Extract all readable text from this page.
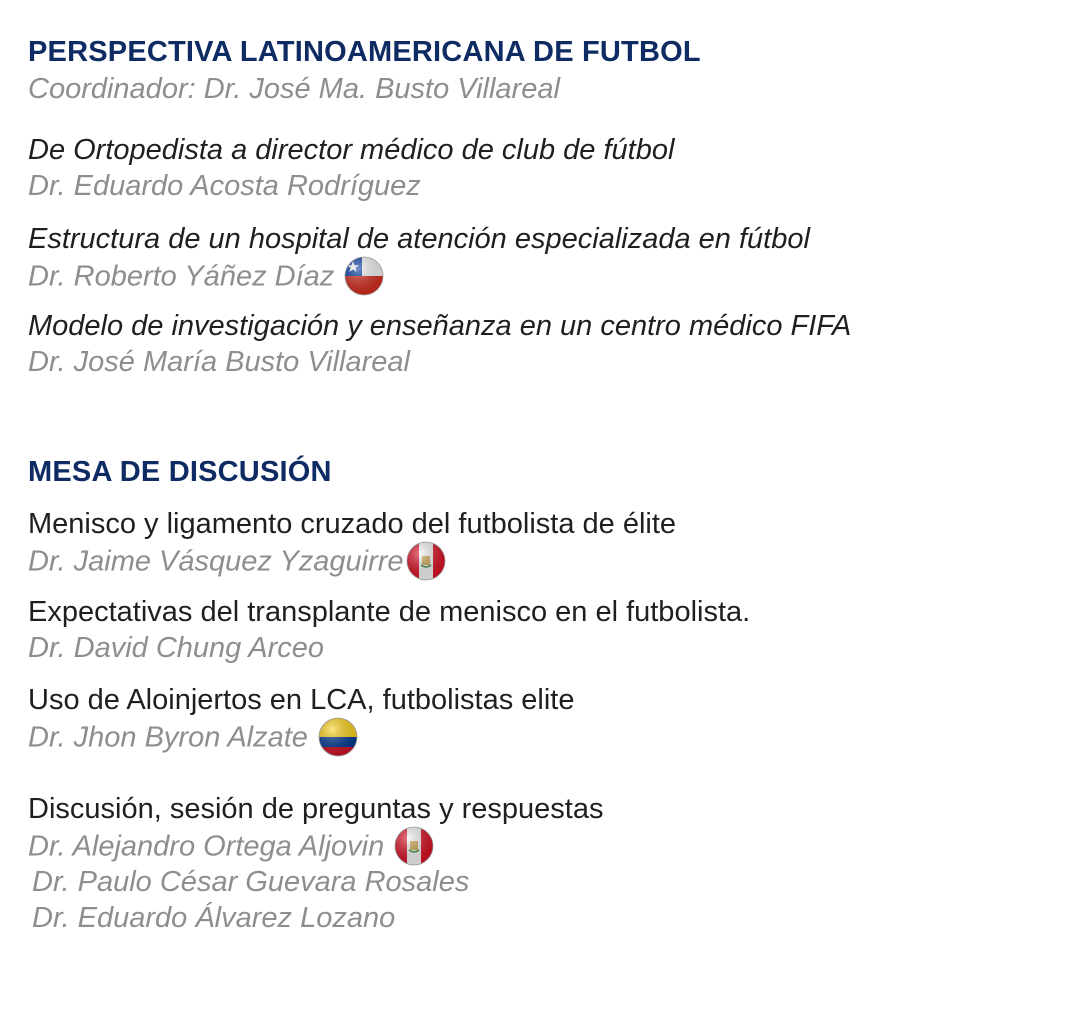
PERSPECTIVA LATINOAMERICANA DE FUTBOL
Coordinador: Dr. José Ma. Busto Villareal
De Ortopedista a director médico de club de fútbol
Dr. Eduardo Acosta Rodríguez
Estructura de un hospital de atención especializada en fútbol
Dr. Roberto Yáñez Díaz
Modelo de investigación y enseñanza en un centro médico FIFA
Dr. José María Busto Villareal
MESA DE DISCUSIÓN
Menisco y ligamento cruzado del futbolista de élite
Dr. Jaime Vásquez Yzaguirre
Expectativas del transplante de menisco en el futbolista.
Dr. David Chung Arceo
Uso de Aloinjertos en LCA, futbolistas elite
Dr. Jhon Byron Alzate
Discusión, sesión de preguntas y respuestas
Dr. Alejandro Ortega Aljovin
Dr. Paulo César Guevara Rosales
Dr. Eduardo Álvarez Lozano
